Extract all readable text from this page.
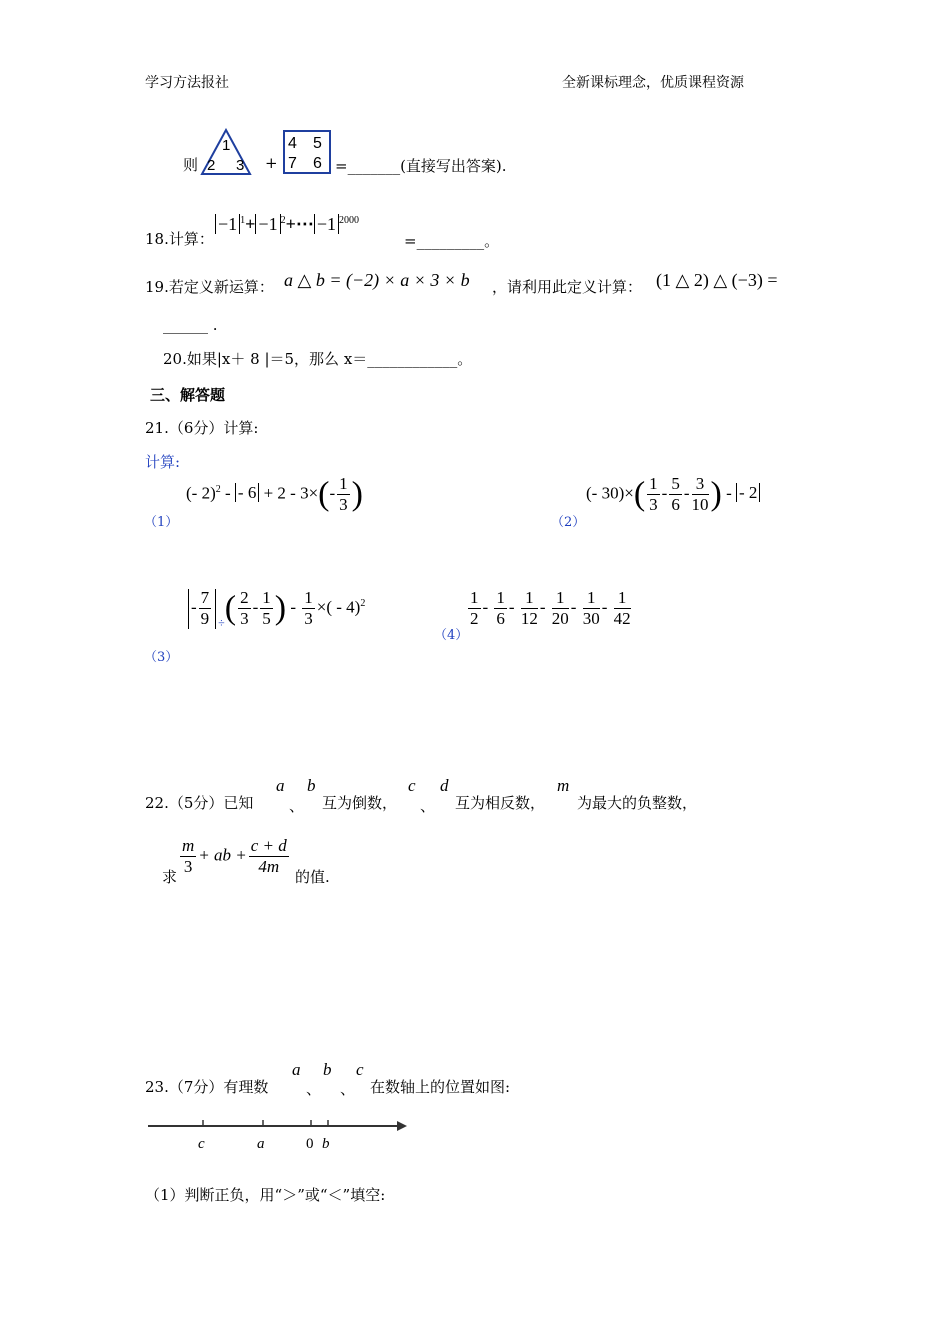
学习方法报社	全新课标理念，优质课程资源
则
1
2 3 +
4 5
7 6 =_______(直接写出答案).
18.计算：
−1 $^1$+ −1 $^2$+⋯ −1 $^{2000}$
=_________。
19.若定义新运算： a △ b = (−2) × a × 3 × b ，请利用此定义计算： (1 △ 2) △ (−3) =
______ .
20.如果|x＋ 8 |＝5，那么 x＝____________。
三、解答题
21.（6分）计算:
计算:
（1）
(- 2)$^2$ - - $6 + 2 - 3\times(- \frac{1}{3}$ )
（2）
(- $30)\times( \frac{1}{3} - \frac{5}{6} - \frac{3}{10}$ ) - - 2
（3）
- $\frac{7}{9} _\div( \frac{2}{3} - \frac{1}{5}$ ) - $\frac{1}{3}$ ×( - 4)$^2$
（4）
$\frac{1}{2} - \frac{1}{6} - \frac{1}{12} - \frac{1}{20} - \frac{1}{30} - \frac{1}{42}$
22.（5分）已知
a
、
b
互为倒数，
c
、
d
互为相反数，
m
为最大的负整数，
求 $\frac{m}{3}$ + ab + $\frac{c + d}{4m}$ 的值.
23.（7分）有理数
a
、
b
、
c
在数轴上的位置如图:
c	a	0 b
（1）判断正负，用“＞”或“＜”填空:
